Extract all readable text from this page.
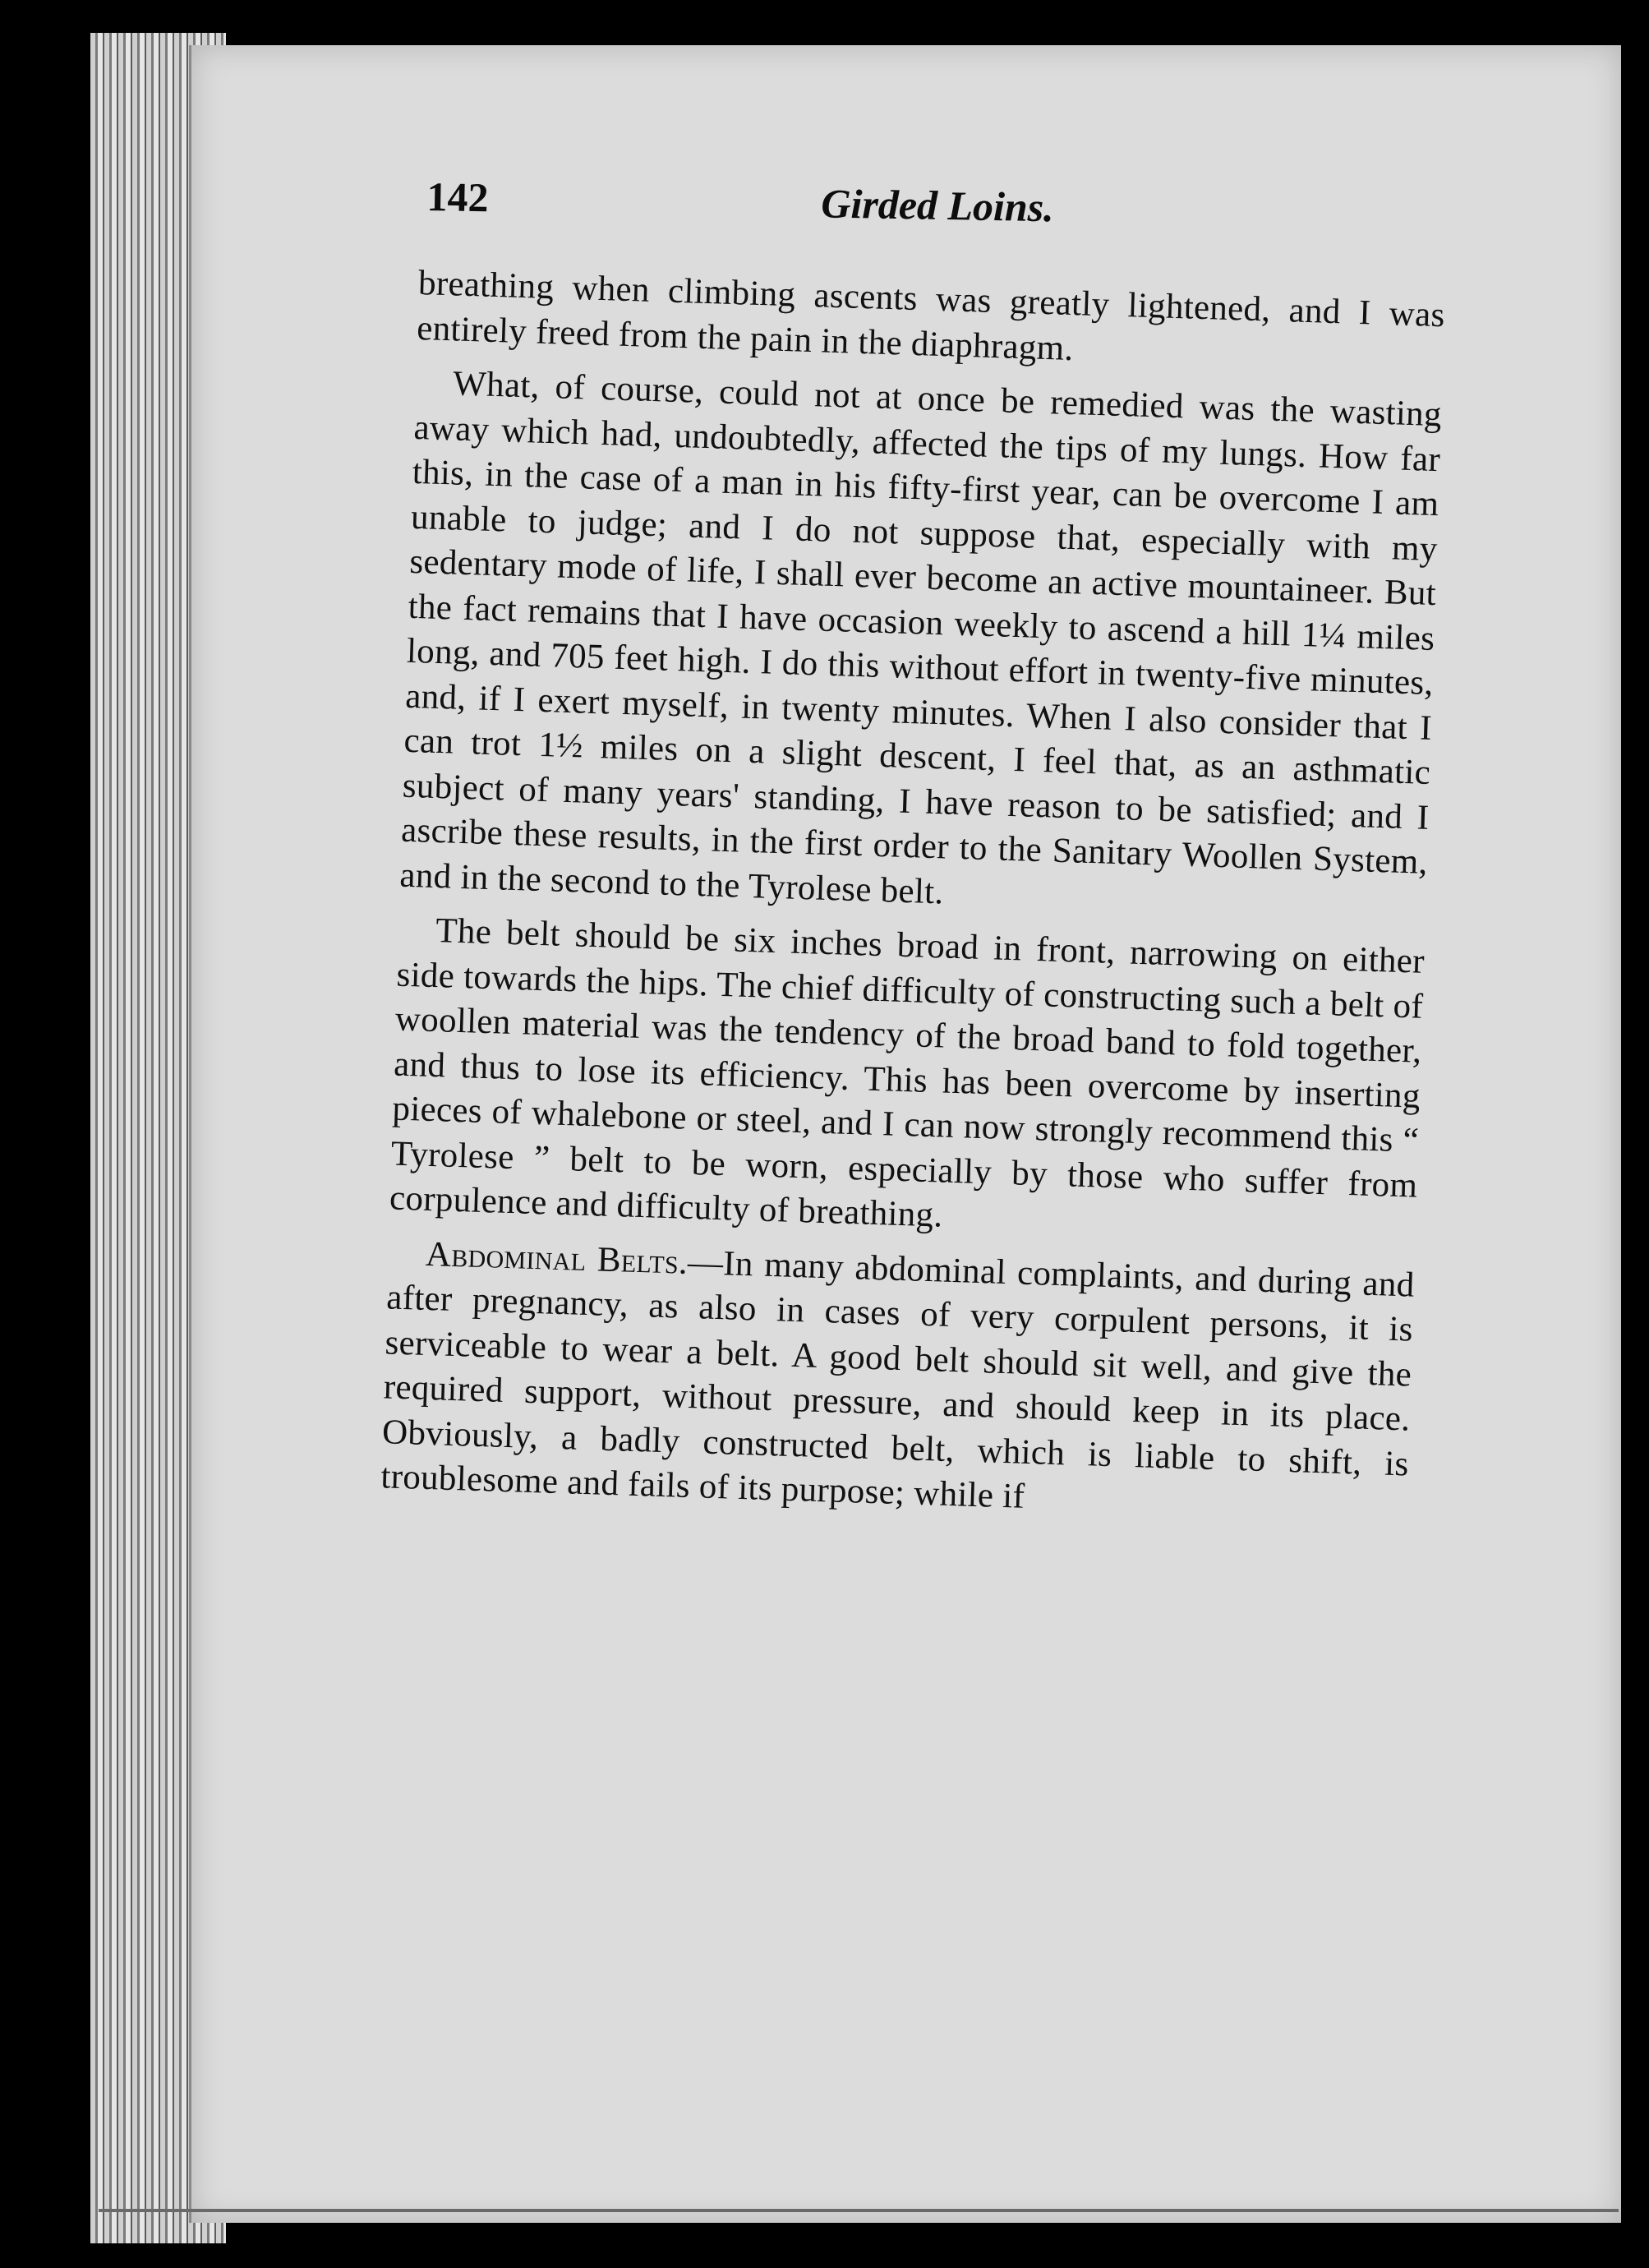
142	Girded Loins.

breathing when climbing ascents was greatly lightened, and I was entirely freed from the pain in the diaphragm.

What, of course, could not at once be remedied was the wasting away which had, undoubtedly, affected the tips of my lungs. How far this, in the case of a man in his fifty-first year, can be overcome I am unable to judge; and I do not suppose that, especially with my sedentary mode of life, I shall ever become an active mountaineer. But the fact remains that I have occasion weekly to ascend a hill 1¼ miles long, and 705 feet high. I do this without effort in twenty-five minutes, and, if I exert myself, in twenty minutes. When I also consider that I can trot 1½ miles on a slight descent, I feel that, as an asthmatic subject of many years' standing, I have reason to be satisfied; and I ascribe these results, in the first order to the Sanitary Woollen System, and in the second to the Tyrolese belt.

The belt should be six inches broad in front, narrowing on either side towards the hips. The chief difficulty of constructing such a belt of woollen material was the tendency of the broad band to fold together, and thus to lose its efficiency. This has been overcome by inserting pieces of whalebone or steel, and I can now strongly recommend this “ Tyrolese ” belt to be worn, especially by those who suffer from corpulence and difficulty of breathing.

Abdominal Belts.—In many abdominal complaints, and during and after pregnancy, as also in cases of very corpulent persons, it is serviceable to wear a belt. A good belt should sit well, and give the required support, without pressure, and should keep in its place. Obviously, a badly constructed belt, which is liable to shift, is troublesome and fails of its purpose; while if
